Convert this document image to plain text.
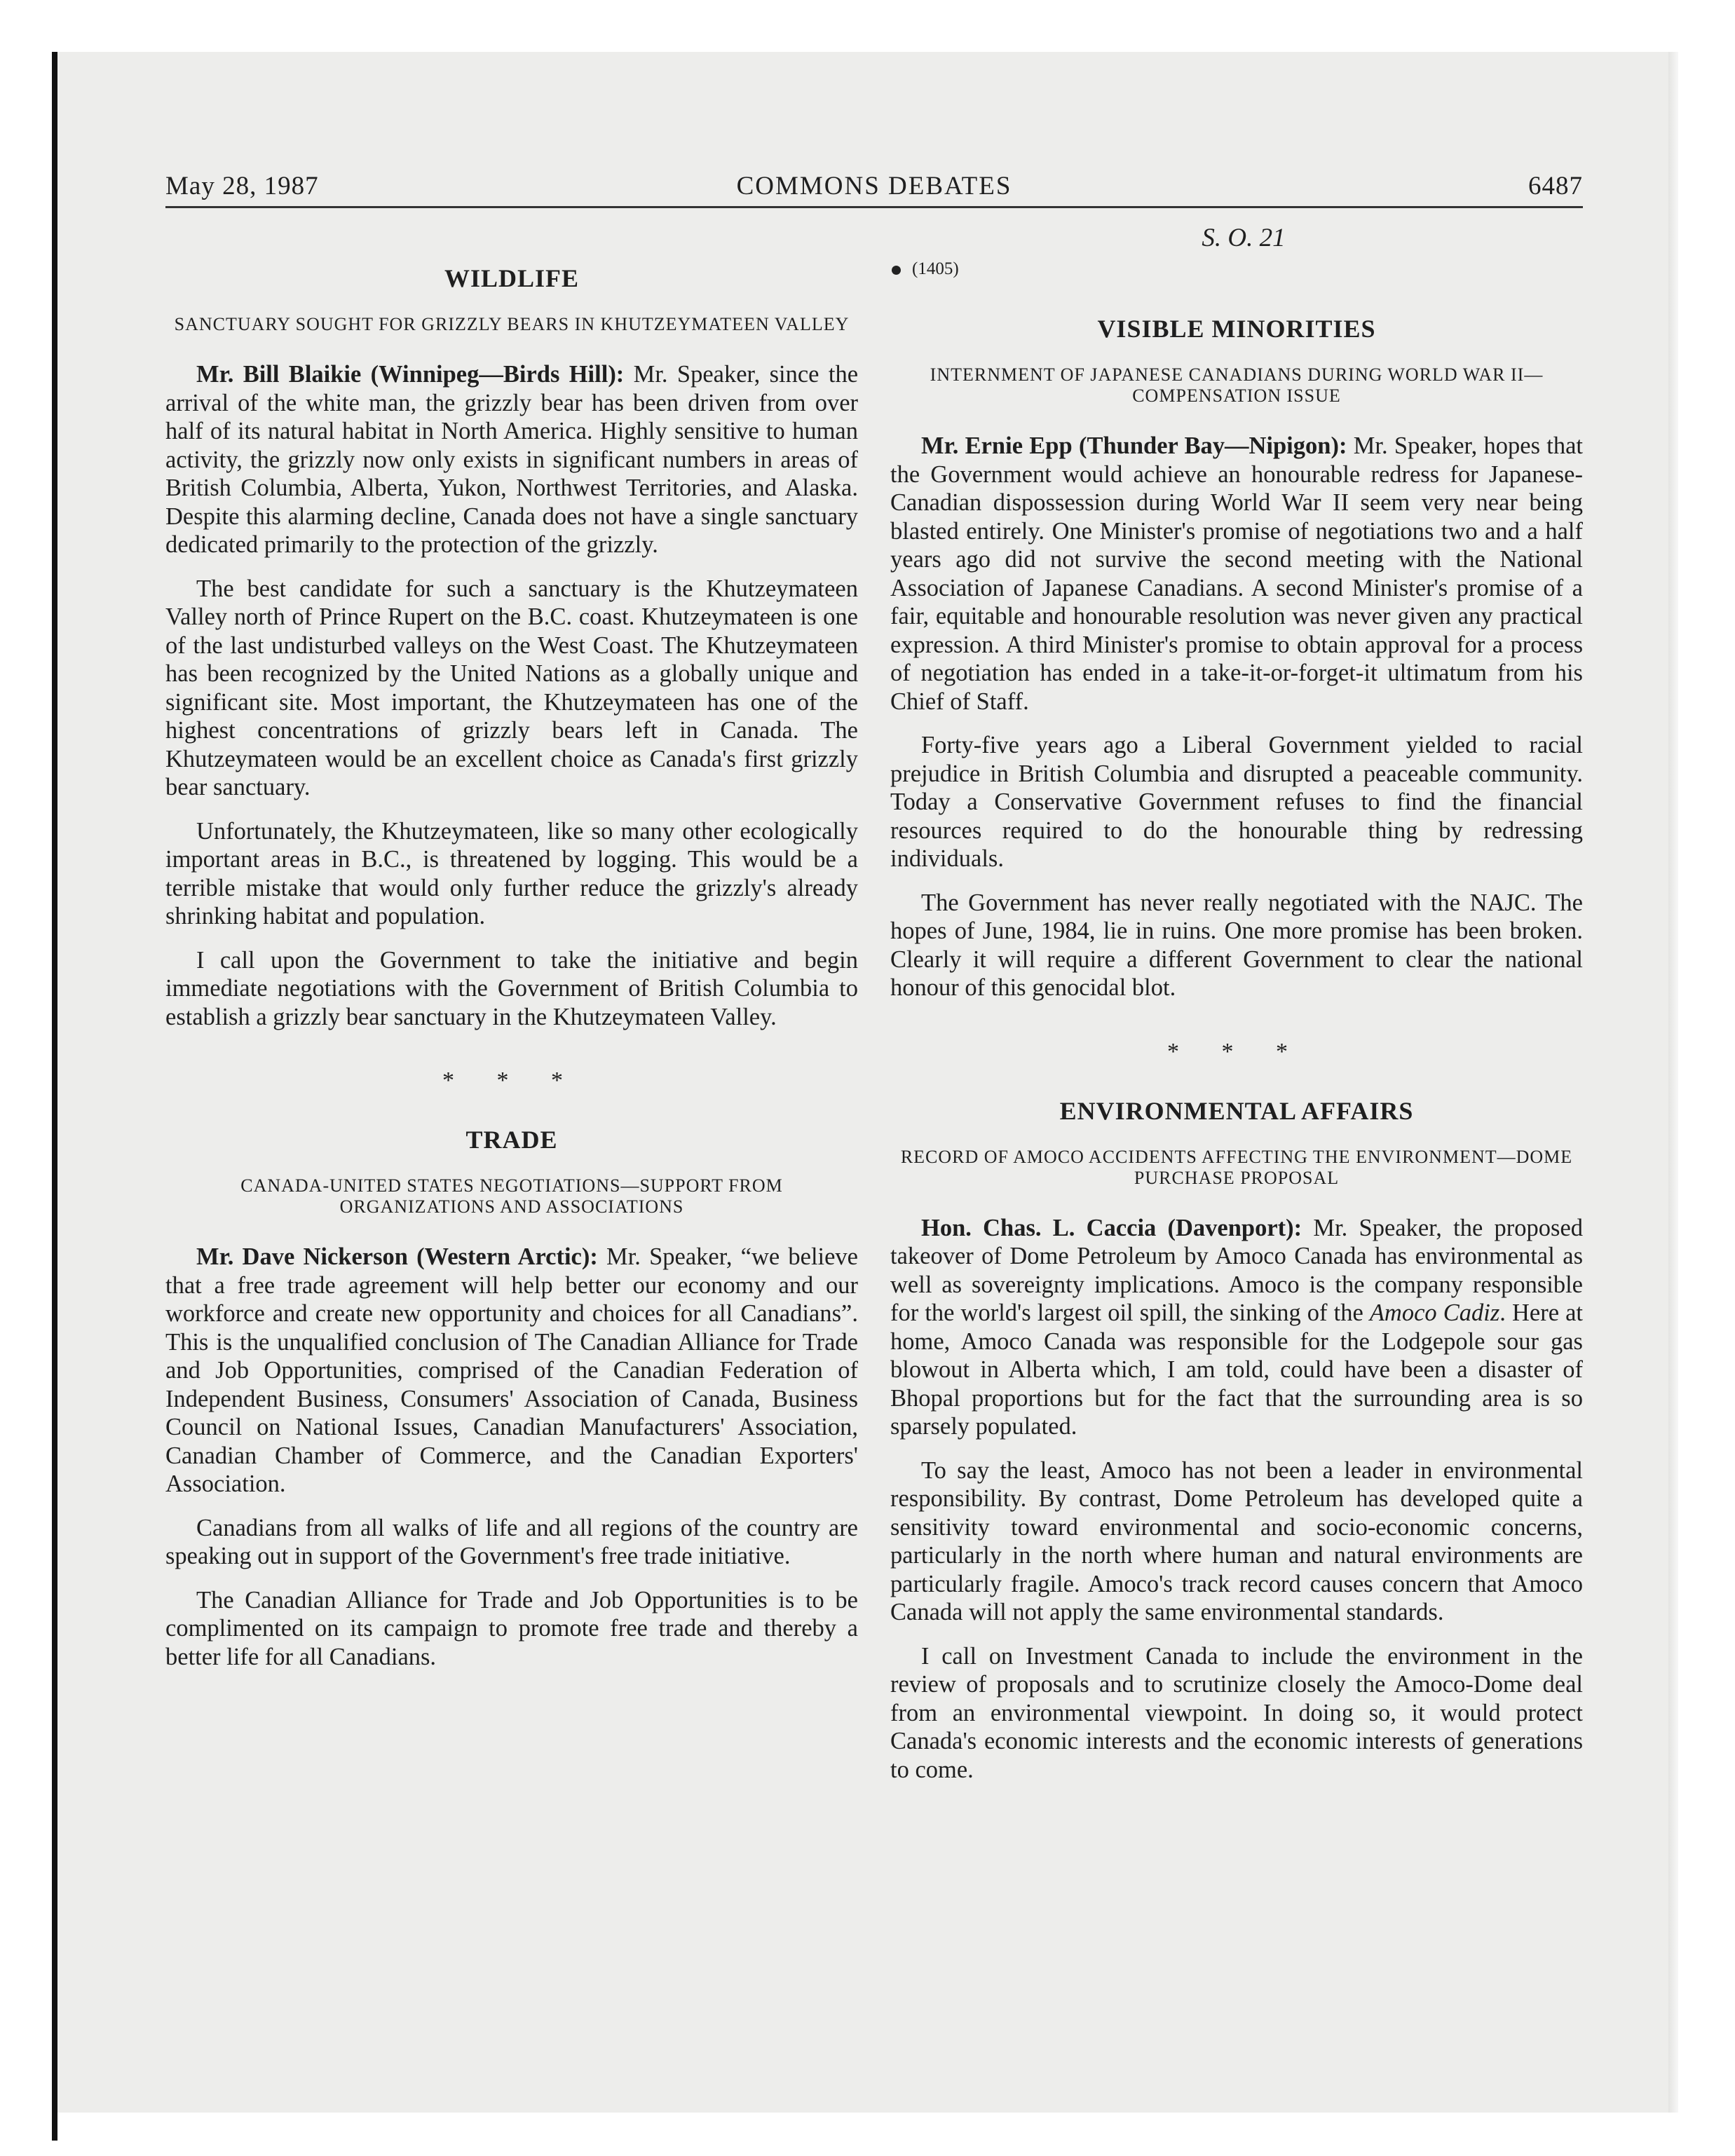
May 28, 1987	COMMONS DEBATES	6487
S. O. 21
WILDLIFE
SANCTUARY SOUGHT FOR GRIZZLY BEARS IN KHUTZEYMATEEN VALLEY

Mr. Bill Blaikie (Winnipeg—Birds Hill): Mr. Speaker, since the arrival of the white man, the grizzly bear has been driven from over half of its natural habitat in North America. Highly sensitive to human activity, the grizzly now only exists in significant numbers in areas of British Columbia, Alberta, Yukon, Northwest Territories, and Alaska. Despite this alarming decline, Canada does not have a single sanctuary dedicated primarily to the protection of the grizzly.

The best candidate for such a sanctuary is the Khutzeymateen Valley north of Prince Rupert on the B.C. coast. Khutzeymateen is one of the last undisturbed valleys on the West Coast. The Khutzeymateen has been recognized by the United Nations as a globally unique and significant site. Most important, the Khutzeymateen has one of the highest concentrations of grizzly bears left in Canada. The Khutzeymateen would be an excellent choice as Canada's first grizzly bear sanctuary.

Unfortunately, the Khutzeymateen, like so many other ecologically important areas in B.C., is threatened by logging. This would be a terrible mistake that would only further reduce the grizzly's already shrinking habitat and population.

I call upon the Government to take the initiative and begin immediate negotiations with the Government of British Columbia to establish a grizzly bear sanctuary in the Khutzeymateen Valley.

* * *
TRADE
CANADA-UNITED STATES NEGOTIATIONS—SUPPORT FROM ORGANIZATIONS AND ASSOCIATIONS

Mr. Dave Nickerson (Western Arctic): Mr. Speaker, “we believe that a free trade agreement will help better our economy and our workforce and create new opportunity and choices for all Canadians”. This is the unqualified conclusion of The Canadian Alliance for Trade and Job Opportunities, comprised of the Canadian Federation of Independent Business, Consumers' Association of Canada, Business Council on National Issues, Canadian Manufacturers' Association, Canadian Chamber of Commerce, and the Canadian Exporters' Association.

Canadians from all walks of life and all regions of the country are speaking out in support of the Government's free trade initiative.

The Canadian Alliance for Trade and Job Opportunities is to be complimented on its campaign to promote free trade and thereby a better life for all Canadians.

(1405)
VISIBLE MINORITIES
INTERNMENT OF JAPANESE CANADIANS DURING WORLD WAR II—COMPENSATION ISSUE

Mr. Ernie Epp (Thunder Bay—Nipigon): Mr. Speaker, hopes that the Government would achieve an honourable redress for Japanese-Canadian dispossession during World War II seem very near being blasted entirely. One Minister's promise of negotiations two and a half years ago did not survive the second meeting with the National Association of Japanese Canadians. A second Minister's promise of a fair, equitable and honourable resolution was never given any practical expression. A third Minister's promise to obtain approval for a process of negotiation has ended in a take-it-or-forget-it ultimatum from his Chief of Staff.

Forty-five years ago a Liberal Government yielded to racial prejudice in British Columbia and disrupted a peaceable community. Today a Conservative Government refuses to find the financial resources required to do the honourable thing by redressing individuals.

The Government has never really negotiated with the NAJC. The hopes of June, 1984, lie in ruins. One more promise has been broken. Clearly it will require a different Government to clear the national honour of this genocidal blot.

* * *
ENVIRONMENTAL AFFAIRS
RECORD OF AMOCO ACCIDENTS AFFECTING THE ENVIRONMENT—DOME PURCHASE PROPOSAL

Hon. Chas. L. Caccia (Davenport): Mr. Speaker, the proposed takeover of Dome Petroleum by Amoco Canada has environmental as well as sovereignty implications. Amoco is the company responsible for the world's largest oil spill, the sinking of the Amoco Cadiz. Here at home, Amoco Canada was responsible for the Lodgepole sour gas blowout in Alberta which, I am told, could have been a disaster of Bhopal proportions but for the fact that the surrounding area is so sparsely populated.

To say the least, Amoco has not been a leader in environmental responsibility. By contrast, Dome Petroleum has developed quite a sensitivity toward environmental and socio-economic concerns, particularly in the north where human and natural environments are particularly fragile. Amoco's track record causes concern that Amoco Canada will not apply the same environmental standards.

I call on Investment Canada to include the environment in the review of proposals and to scrutinize closely the Amoco-Dome deal from an environmental viewpoint. In doing so, it would protect Canada's economic interests and the economic interests of generations to come.
